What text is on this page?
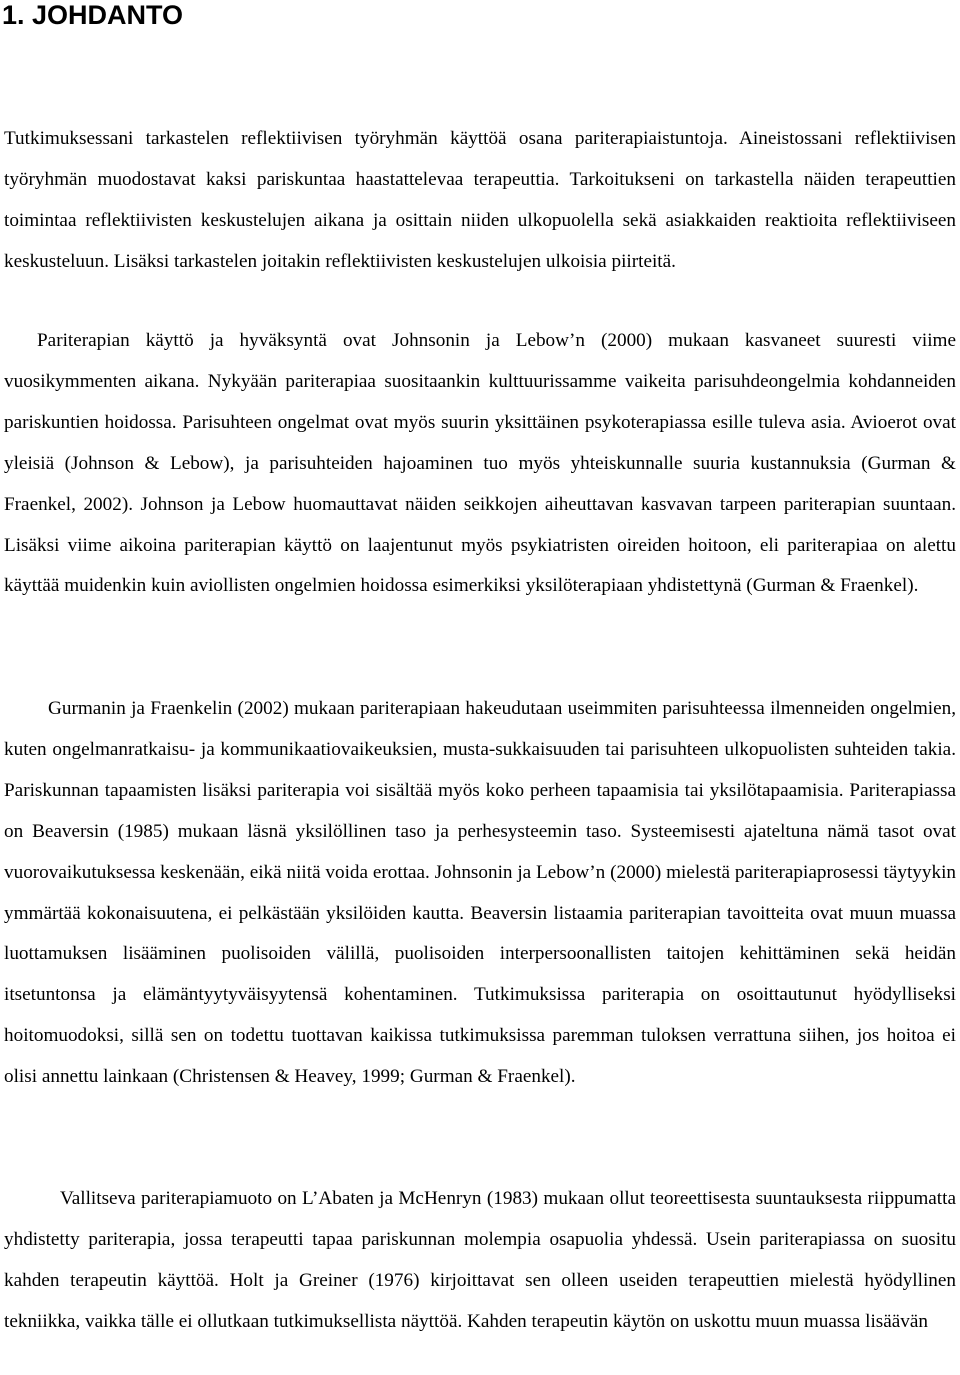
1. JOHDANTO

Tutkimuksessani tarkastelen reflektiivisen työryhmän käyttöä osana pariterapiaistuntoja. Aineistossani reflektiivisen työryhmän muodostavat kaksi pariskuntaa haastattelevaa terapeuttia. Tarkoitukseni on tarkastella näiden terapeuttien toimintaa reflektiivisten keskustelujen aikana ja osittain niiden ulkopuolella sekä asiakkaiden reaktioita reflektiiviseen keskusteluun. Lisäksi tarkastelen joitakin reflektiivisten keskustelujen ulkoisia piirteitä.

Pariterapian käyttö ja hyväksyntä ovat Johnsonin ja Lebow’n (2000) mukaan kasvaneet suuresti viime vuosikymmenten aikana. Nykyään pariterapiaa suositaankin kulttuurissamme vaikeita parisuhdeongelmia kohdanneiden pariskuntien hoidossa. Parisuhteen ongelmat ovat myös suurin yksittäinen psykoterapiassa esille tuleva asia. Avioerot ovat yleisiä (Johnson & Lebow), ja parisuhteiden hajoaminen tuo myös yhteiskunnalle suuria kustannuksia (Gurman & Fraenkel, 2002). Johnson ja Lebow huomauttavat näiden seikkojen aiheuttavan kasvavan tarpeen pariterapian suuntaan. Lisäksi viime aikoina pariterapian käyttö on laajentunut myös psykiatristen oireiden hoitoon, eli pariterapiaa on alettu käyttää muidenkin kuin aviollisten ongelmien hoidossa esimerkiksi yksilöterapiaan yhdistettynä (Gurman & Fraenkel).

Gurmanin ja Fraenkelin (2002) mukaan pariterapiaan hakeudutaan useimmiten parisuhteessa ilmenneiden ongelmien, kuten ongelmanratkaisu- ja kommunikaatiovaikeuksien, musta-sukkaisuuden tai parisuhteen ulkopuolisten suhteiden takia. Pariskunnan tapaamisten lisäksi pariterapia voi sisältää myös koko perheen tapaamisia tai yksilötapaamisia. Pariterapiassa on Beaversin (1985) mukaan läsnä yksilöllinen taso ja perhesysteemin taso. Systeemisesti ajateltuna nämä tasot ovat vuorovaikutuksessa keskenään, eikä niitä voida erottaa. Johnsonin ja Lebow’n (2000) mielestä pariterapiaprosessi täytyykin ymmärtää kokonaisuutena, ei pelkästään yksilöiden kautta. Beaversin listaamia pariterapian tavoitteita ovat muun muassa luottamuksen lisääminen puolisoiden välillä, puolisoiden interpersoonallisten taitojen kehittäminen sekä heidän itsetuntonsa ja elämäntyytyväisyytensä kohentaminen. Tutkimuksissa pariterapia on osoittautunut hyödylliseksi hoitomuodoksi, sillä sen on todettu tuottavan kaikissa tutkimuksissa paremman tuloksen verrattuna siihen, jos hoitoa ei olisi annettu lainkaan (Christensen & Heavey, 1999; Gurman & Fraenkel).

Vallitseva pariterapiamuoto on L’Abaten ja McHenryn (1983) mukaan ollut teoreettisesta suuntauksesta riippumatta yhdistetty pariterapia, jossa terapeutti tapaa pariskunnan molempia osapuolia yhdessä. Usein pariterapiassa on suositu kahden terapeutin käyttöä. Holt ja Greiner (1976) kirjoittavat sen olleen useiden terapeuttien mielestä hyödyllinen tekniikka, vaikka tälle ei ollutkaan tutkimuksellista näyttöä. Kahden terapeutin käytön on uskottu muun muassa lisäävän
